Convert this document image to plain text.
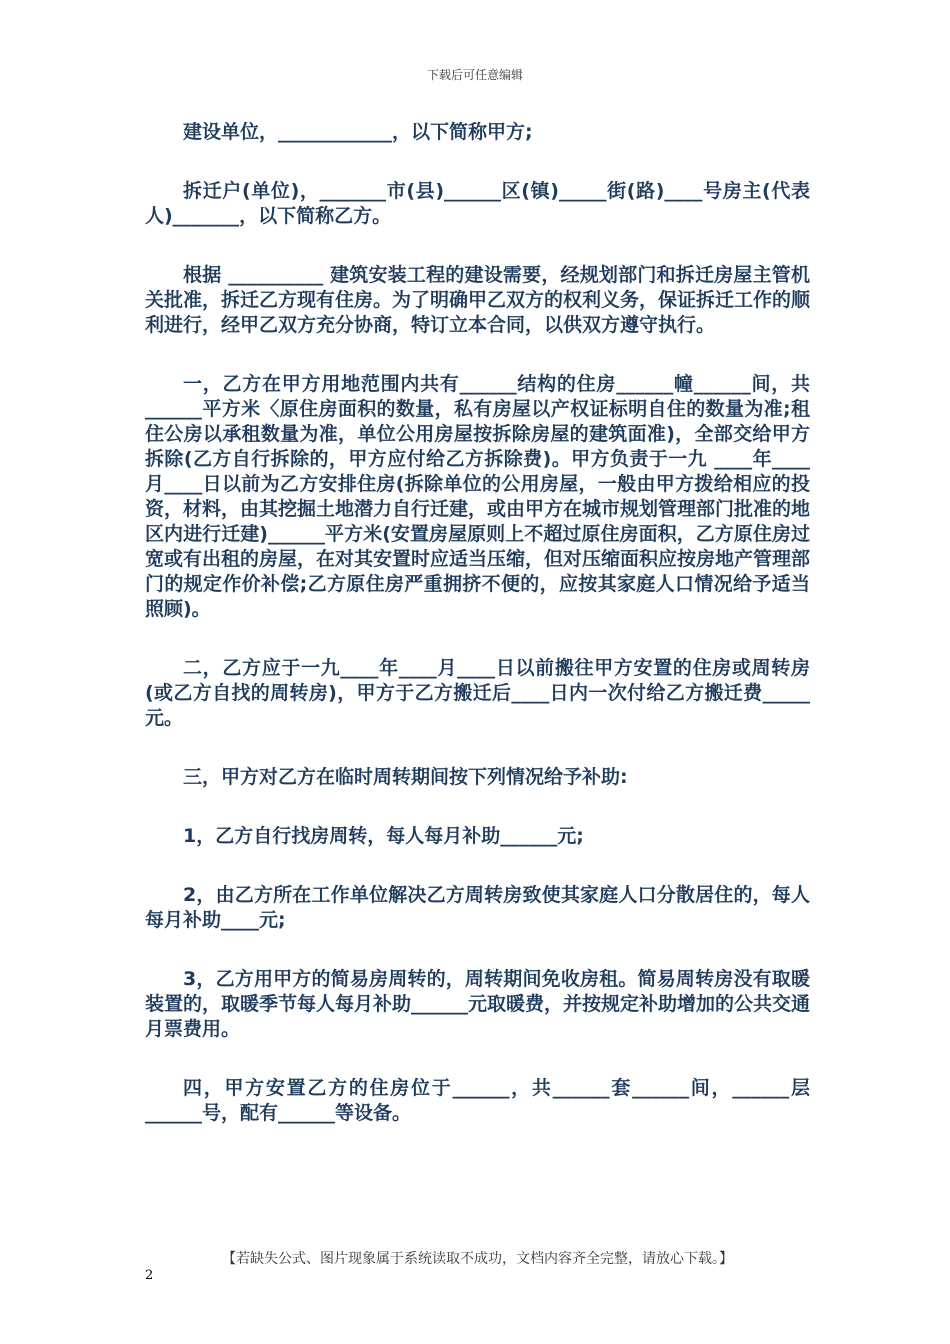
下载后可任意编辑

建设单位，____________，以下简称甲方;

拆迁户(单位)，_______市(县)______区(镇)_____街(路)____号房主(代表人)_______，以下简称乙方。

根据 __________ 建筑安装工程的建设需要，经规划部门和拆迁房屋主管机关批准，拆迁乙方现有住房。为了明确甲乙双方的权利义务，保证拆迁工作的顺利进行，经甲乙双方充分协商，特订立本合同，以供双方遵守执行。

一，乙方在甲方用地范围内共有______结构的住房______幢______间，共______平方米〈原住房面积的数量，私有房屋以产权证标明自住的数量为准;租住公房以承租数量为准，单位公用房屋按拆除房屋的建筑面准)，全部交给甲方拆除(乙方自行拆除的，甲方应付给乙方拆除费)。甲方负责于一九 ____年____月____日以前为乙方安排住房(拆除单位的公用房屋，一般由甲方拨给相应的投资，材料，由其挖掘土地潜力自行迁建，或由甲方在城市规划管理部门批准的地区内进行迁建)______平方米(安置房屋原则上不超过原住房面积，乙方原住房过宽或有出租的房屋，在对其安置时应适当压缩，但对压缩面积应按房地产管理部门的规定作价补偿;乙方原住房严重拥挤不便的，应按其家庭人口情况给予适当照顾)。

二，乙方应于一九____年____月____日以前搬往甲方安置的住房或周转房(或乙方自找的周转房)，甲方于乙方搬迁后____日内一次付给乙方搬迁费_____元。

三，甲方对乙方在临时周转期间按下列情况给予补助:

1，乙方自行找房周转，每人每月补助______元;

2，由乙方所在工作单位解决乙方周转房致使其家庭人口分散居住的，每人每月补助____元;

3，乙方用甲方的简易房周转的，周转期间免收房租。简易周转房没有取暖装置的，取暖季节每人每月补助______元取暖费，并按规定补助增加的公共交通月票费用。

四，甲方安置乙方的住房位于______，共______套______间，______层______号，配有______等设备。

【若缺失公式、图片现象属于系统读取不成功，文档内容齐全完整，请放心下载。】
2
